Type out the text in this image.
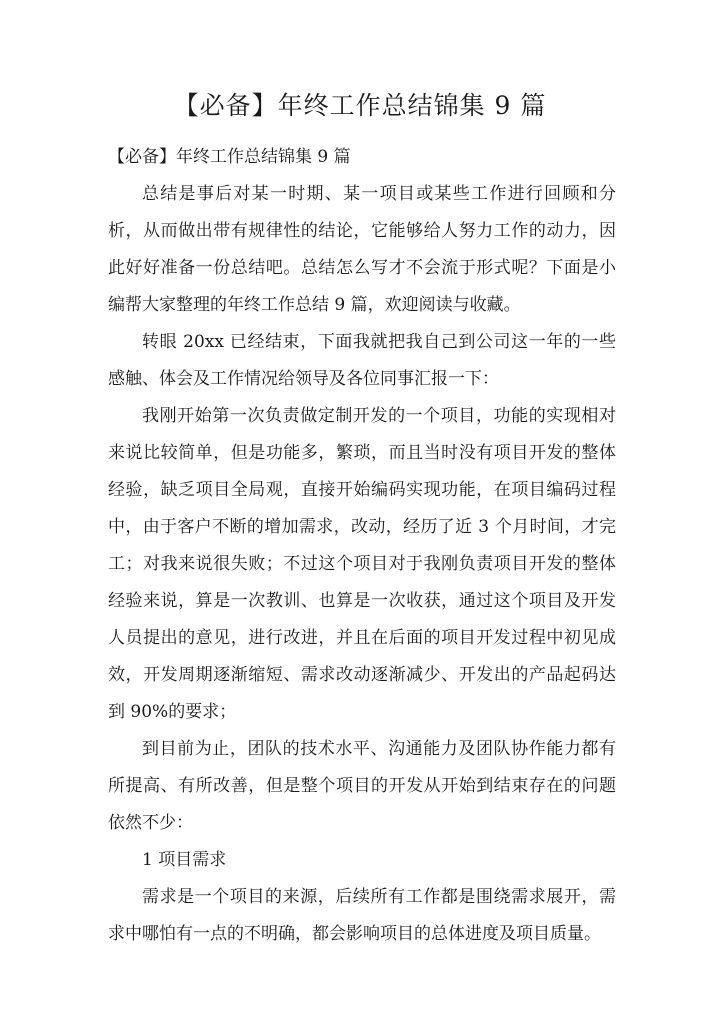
【必备】年终工作总结锦集 9 篇

【必备】年终工作总结锦集 9 篇

总结是事后对某一时期、某一项目或某些工作进行回顾和分析，从而做出带有规律性的结论，它能够给人努力工作的动力，因此好好准备一份总结吧。总结怎么写才不会流于形式呢？下面是小编帮大家整理的年终工作总结 9 篇，欢迎阅读与收藏。

转眼 20xx 已经结束，下面我就把我自己到公司这一年的一些感触、体会及工作情况给领导及各位同事汇报一下：

我刚开始第一次负责做定制开发的一个项目，功能的实现相对来说比较简单，但是功能多，繁琐，而且当时没有项目开发的整体经验，缺乏项目全局观，直接开始编码实现功能，在项目编码过程中，由于客户不断的增加需求，改动，经历了近 3 个月时间，才完工；对我来说很失败；不过这个项目对于我刚负责项目开发的整体经验来说，算是一次教训、也算是一次收获，通过这个项目及开发人员提出的意见，进行改进，并且在后面的项目开发过程中初见成效，开发周期逐渐缩短、需求改动逐渐减少、开发出的产品起码达到 90%的要求；

到目前为止，团队的技术水平、沟通能力及团队协作能力都有所提高、有所改善，但是整个项目的开发从开始到结束存在的问题依然不少：

1 项目需求

需求是一个项目的来源，后续所有工作都是围绕需求展开，需求中哪怕有一点的不明确，都会影响项目的总体进度及项目质量。
